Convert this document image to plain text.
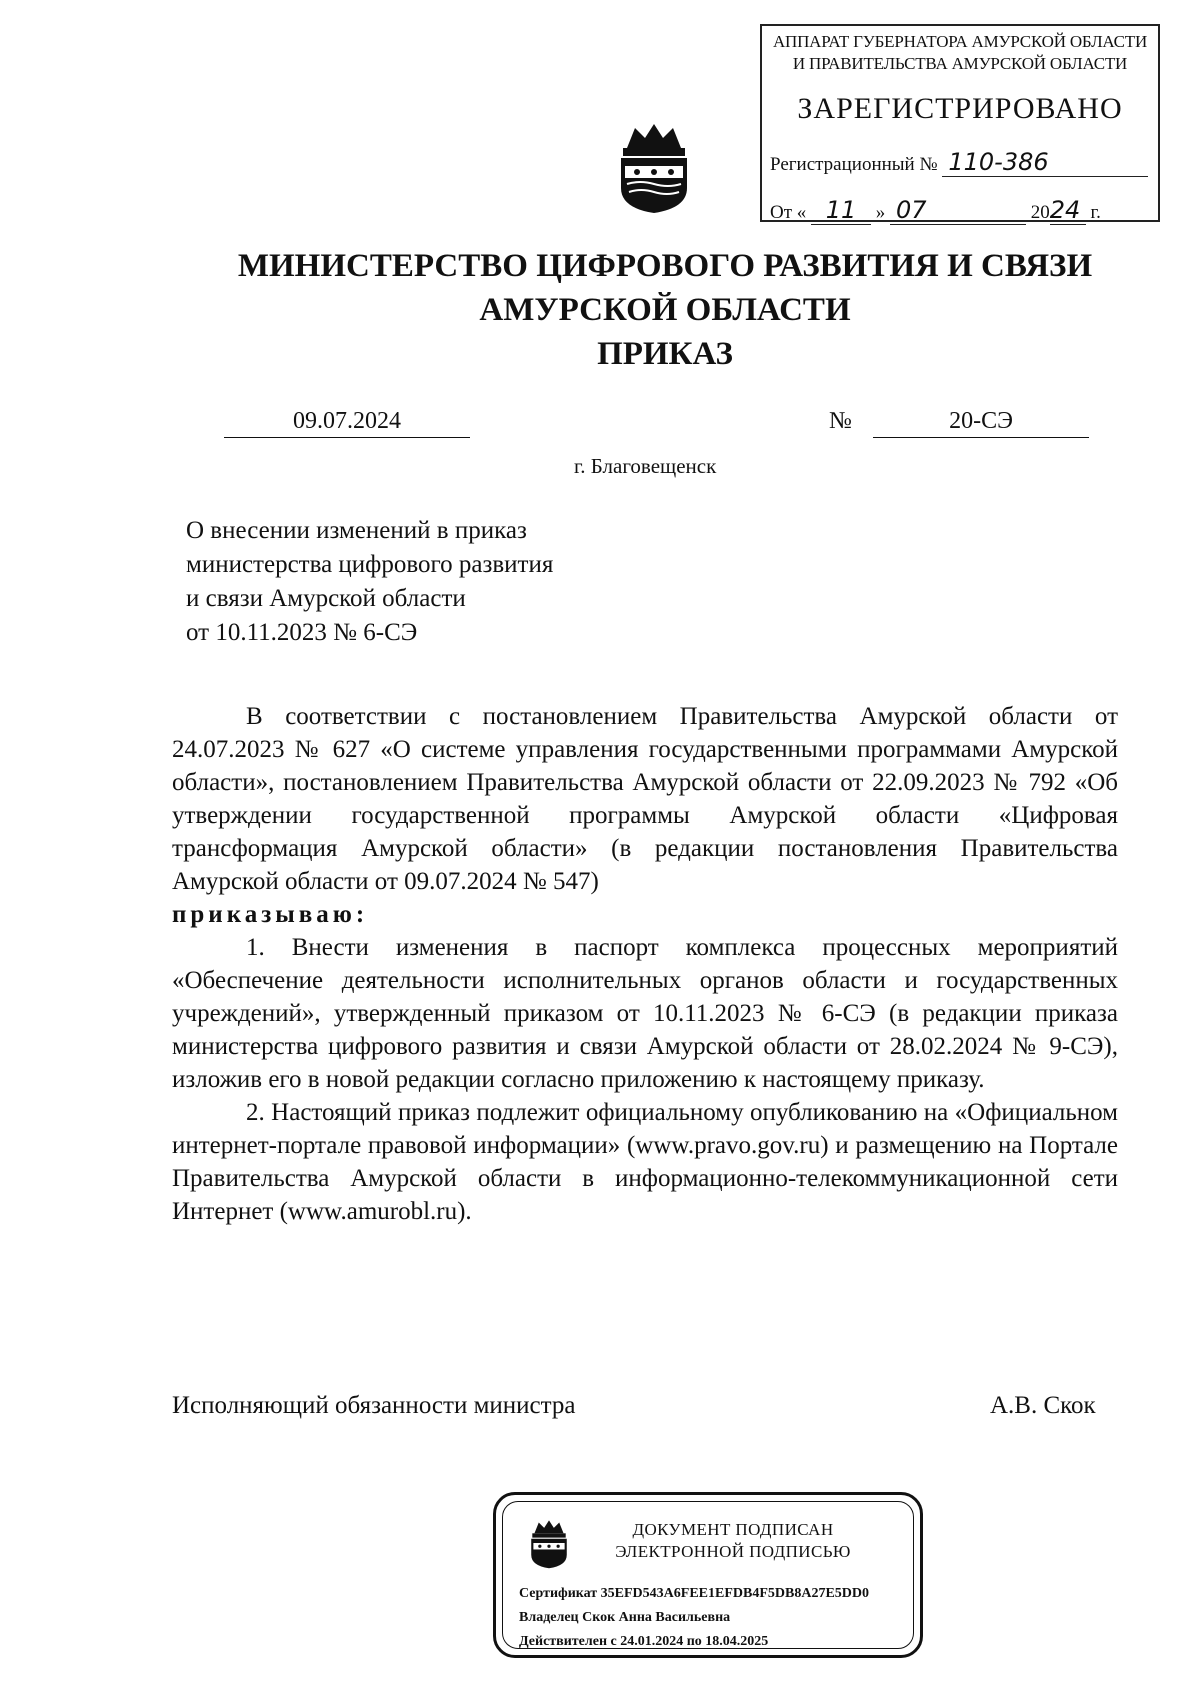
АППАРАТ ГУБЕРНАТОРА АМУРСКОЙ ОБЛАСТИ
И ПРАВИТЕЛЬСТВА АМУРСКОЙ ОБЛАСТИ
ЗАРЕГИСТРИРОВАНО
Регистрационный № 110-386
От « 11 » 07	2024 г.
МИНИСТЕРСТВО ЦИФРОВОГО РАЗВИТИЯ И СВЯЗИ
АМУРСКОЙ ОБЛАСТИ
ПРИКАЗ
09.07.2024	№	20-СЭ
г. Благовещенск
О внесении изменений в приказ
министерства цифрового развития
и связи Амурской области
от 10.11.2023 № 6-СЭ

В соответствии с постановлением Правительства Амурской области от 24.07.2023 № 627 «О системе управления государственными программами Амурской области», постановлением Правительства Амурской области от 22.09.2023 № 792 «Об утверждении государственной программы Амурской области «Цифровая трансформация Амурской области» (в редакции постановления Правительства Амурской области от 09.07.2024 № 547)

приказываю:

1. Внести изменения в паспорт комплекса процессных мероприятий «Обеспечение деятельности исполнительных органов области и государственных учреждений», утвержденный приказом от 10.11.2023 № 6-СЭ (в редакции приказа министерства цифрового развития и связи Амурской области от 28.02.2024 № 9-СЭ), изложив его в новой редакции согласно приложению к настоящему приказу.

2. Настоящий приказ подлежит официальному опубликованию на «Официальном интернет-портале правовой информации» (www.pravo.gov.ru) и размещению на Портале Правительства Амурской области в информационно-телекоммуникационной сети Интернет (www.amurobl.ru).

Исполняющий обязанности министра	А.В. Скок
ДОКУМЕНТ ПОДПИСАН
ЭЛЕКТРОННОЙ ПОДПИСЬЮ
Сертификат 35EFD543A6FEE1EFDB4F5DB8A27E5DD0
Владелец Скок Анна Васильевна
Действителен с 24.01.2024 по 18.04.2025
